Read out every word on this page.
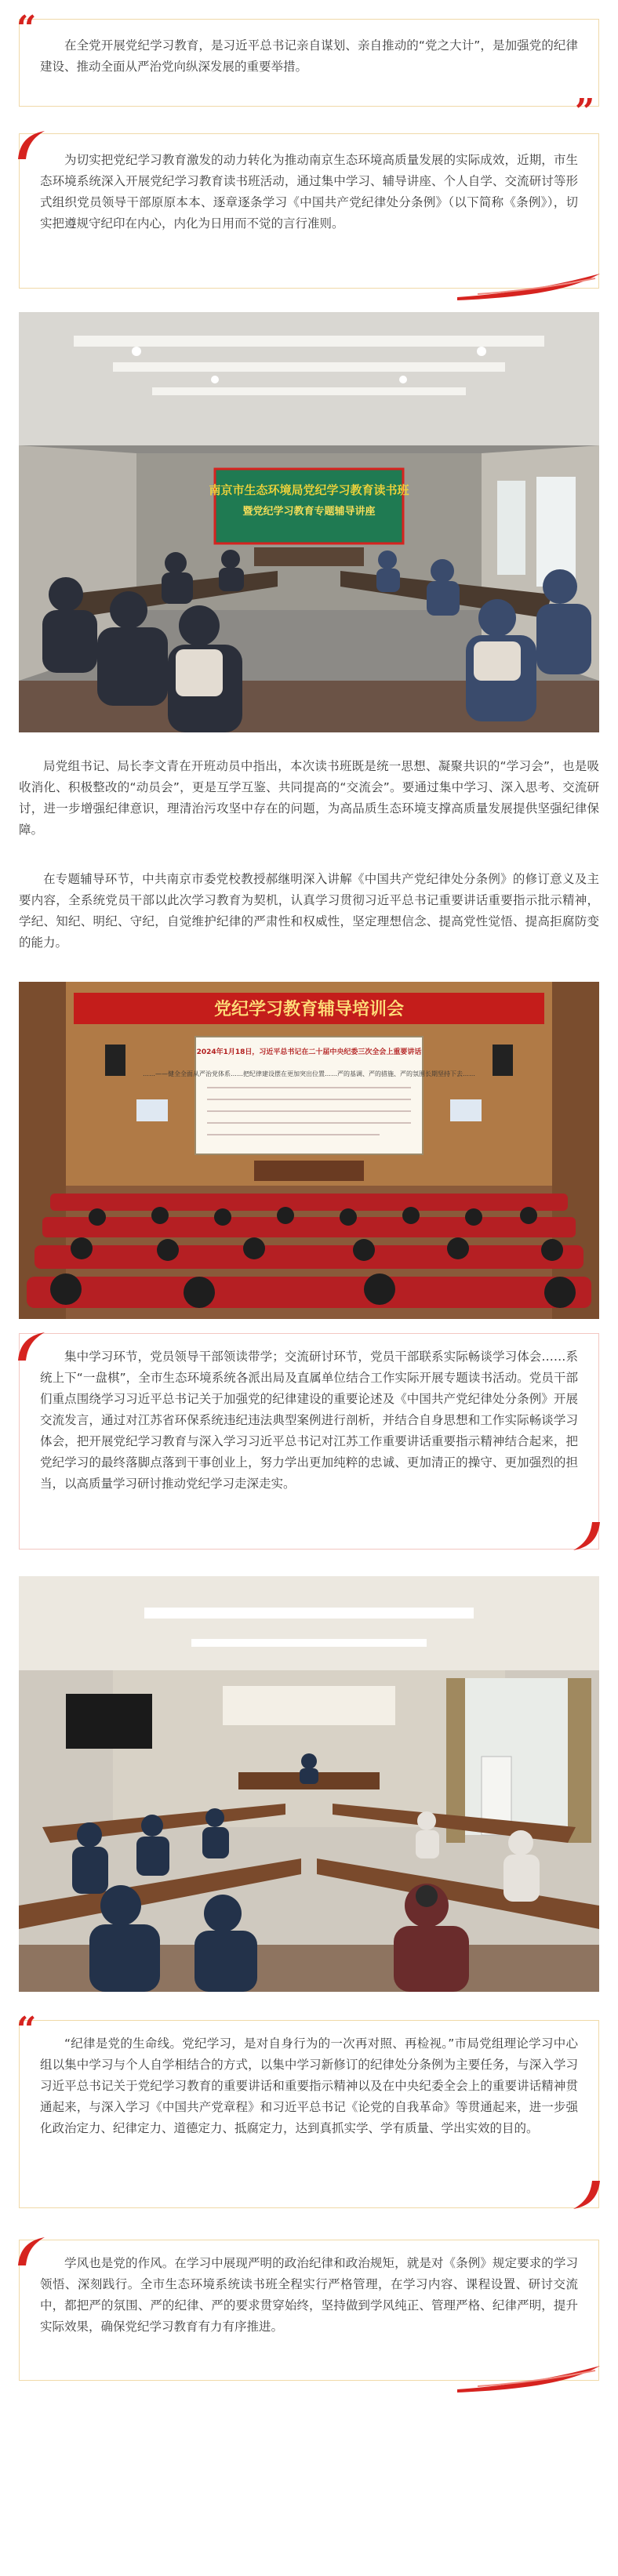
“	在全党开展党纪学习教育，是习近平总书记亲自谋划、亲自推动的“党之大计”，是加强党的纪律建设、推动全面从严治党向纵深发展的重要举措。

”

为切实把党纪学习教育激发的动力转化为推动南京生态环境高质量发展的实际成效，近期，市生态环境系统深入开展党纪学习教育读书班活动，通过集中学习、辅导讲座、个人自学、交流研讨等形式组织党员领导干部原原本本、逐章逐条学习《中国共产党纪律处分条例》（以下简称《条例》），切实把遵规守纪印在内心，内化为日用而不觉的言行准则。

南京市生态环境局党纪学习教育读书班
暨党纪学习教育专题辅导讲座

局党组书记、局长李文青在开班动员中指出，本次读书班既是统一思想、凝聚共识的“学习会”，也是吸收消化、积极整改的“动员会”，更是互学互鉴、共同提高的“交流会”。要通过集中学习、深入思考、交流研讨，进一步增强纪律意识，理清治污攻坚中存在的问题，为高品质生态环境支撑高质量发展提供坚强纪律保障。

在专题辅导环节，中共南京市委党校教授郝继明深入讲解《中国共产党纪律处分条例》的修订意义及主要内容，全系统党员干部以此次学习教育为契机，认真学习贯彻习近平总书记重要讲话重要指示批示精神，学纪、知纪、明纪、守纪，自觉维护纪律的严肃性和权威性，坚定理想信念、提高党性觉悟、提高拒腐防变的能力。

党纪学习教育辅导培训会
2024年1月18日，习近平总书记在二十届中央纪委三次全会上重要讲话
……——健全全面从严治党体系……把纪律建设摆在更加突出位置……严的基调、严的措施、严的氛围长期坚持下去……

集中学习环节，党员领导干部领读带学；交流研讨环节，党员干部联系实际畅谈学习体会……系统上下“一盘棋”，全市生态环境系统各派出局及直属单位结合工作实际开展专题读书活动。党员干部们重点围绕学习习近平总书记关于加强党的纪律建设的重要论述及《中国共产党纪律处分条例》开展交流发言，通过对江苏省环保系统违纪违法典型案例进行剖析，并结合自身思想和工作实际畅谈学习体会，把开展党纪学习教育与深入学习习近平总书记对江苏工作重要讲话重要指示精神结合起来，把党纪学习的最终落脚点落到干事创业上，努力学出更加纯粹的忠诚、更加清正的操守、更加强烈的担当，以高质量学习研讨推动党纪学习走深走实。

“	“纪律是党的生命线。党纪学习，是对自身行为的一次再对照、再检视。”市局党组理论学习中心组以集中学习与个人自学相结合的方式，以集中学习新修订的纪律处分条例为主要任务，与深入学习习近平总书记关于党纪学习教育的重要讲话和重要指示精神以及在中央纪委全会上的重要讲话精神贯通起来，与深入学习《中国共产党章程》和习近平总书记《论党的自我革命》等贯通起来，进一步强化政治定力、纪律定力、道德定力、抵腐定力，达到真抓实学、学有质量、学出实效的目的。

学风也是党的作风。在学习中展现严明的政治纪律和政治规矩，就是对《条例》规定要求的学习领悟、深刻践行。全市生态环境系统读书班全程实行严格管理，在学习内容、课程设置、研讨交流中，都把严的氛围、严的纪律、严的要求贯穿始终，坚持做到学风纯正、管理严格、纪律严明，提升实际效果，确保党纪学习教育有力有序推进。
